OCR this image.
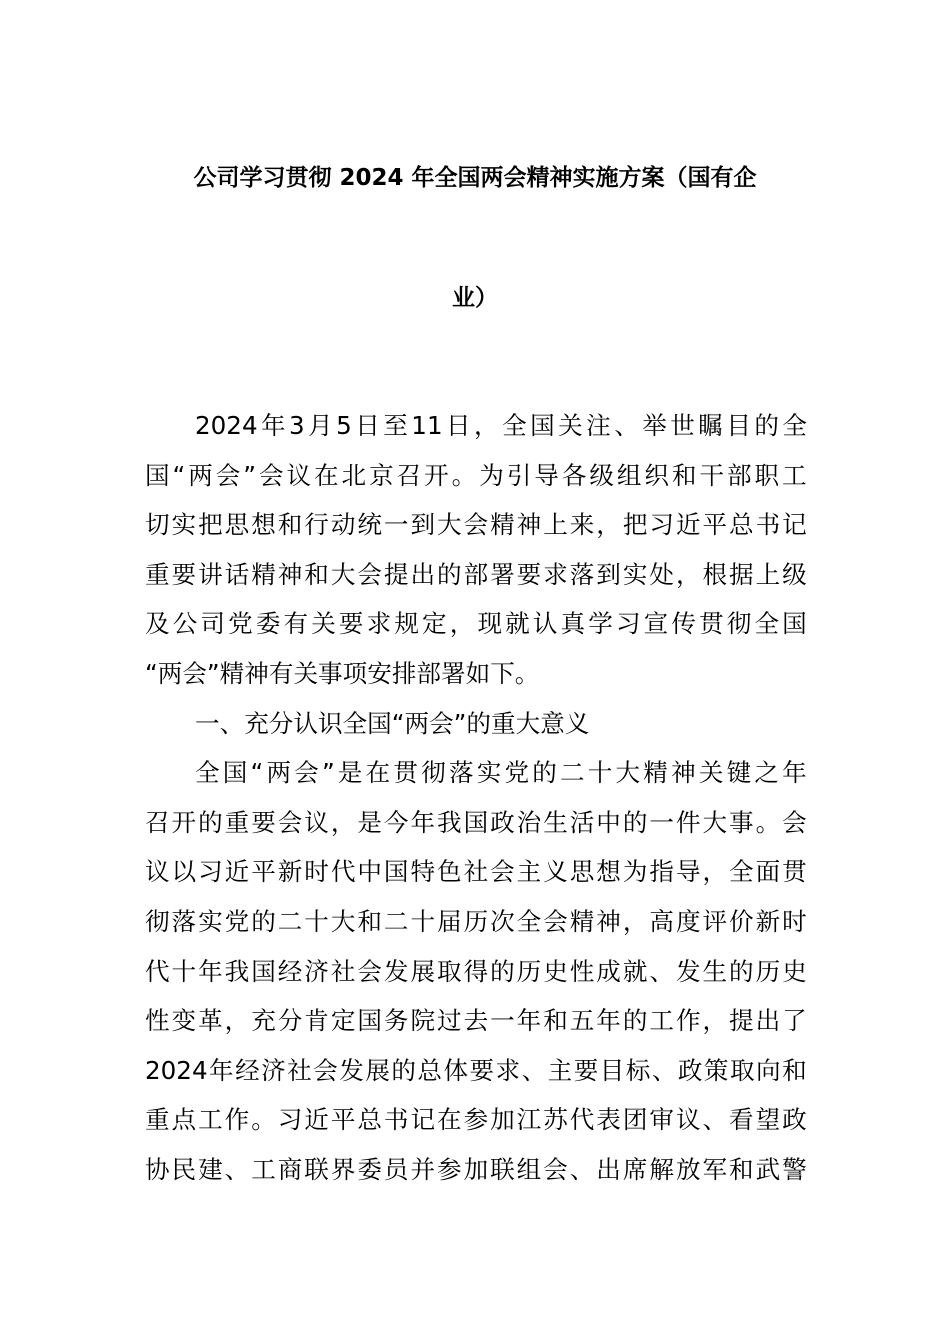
公司学习贯彻 2024 年全国两会精神实施方案（国有企
业）
2024 年 3 月 5 日 至 11 日 ， 全 国 关 注 、 举 世 瞩 目 的 全
国 “ 两 会 ” 会 议 在 北 京 召 开 。 为 引 导 各 级 组 织 和 干 部 职 工
切 实 把 思 想 和 行 动 统 一 到 大 会 精 神 上 来 ， 把 习 近 平 总 书 记
重 要 讲 话 精 神 和 大 会 提 出 的 部 署 要 求 落 到 实 处 ， 根 据 上 级
及 公 司 党 委 有 关 要 求 规 定 ， 现 就 认 真 学 习 宣 传 贯 彻 全 国
“两会”精神有关事项安排部署如下。
一、充分认识全国“两会”的重大意义
全 国 “ 两 会 ” 是 在 贯 彻 落 实 党 的 二 十 大 精 神 关 键 之 年
召 开 的 重 要 会 议 ， 是 今 年 我 国 政 治 生 活 中 的 一 件 大 事 。 会
议 以 习 近 平 新 时 代 中 国 特 色 社 会 主 义 思 想 为 指 导 ， 全 面 贯
彻 落 实 党 的 二 十 大 和 二 十 届 历 次 全 会 精 神 ， 高 度 评 价 新 时
代 十 年 我 国 经 济 社 会 发 展 取 得 的 历 史 性 成 就 、 发 生 的 历 史
性 变 革 ， 充 分 肯 定 国 务 院 过 去 一 年 和 五 年 的 工 作 ， 提 出 了
2024 年 经 济 社 会 发 展 的 总 体 要 求 、 主 要 目 标 、 政 策 取 向 和
重 点 工 作 。 习 近 平 总 书 记 在 参 加 江 苏 代 表 团 审 议 、 看 望 政
协 民 建 、 工 商 联 界 委 员 并 参 加 联 组 会 、 出 席 解 放 军 和 武 警
